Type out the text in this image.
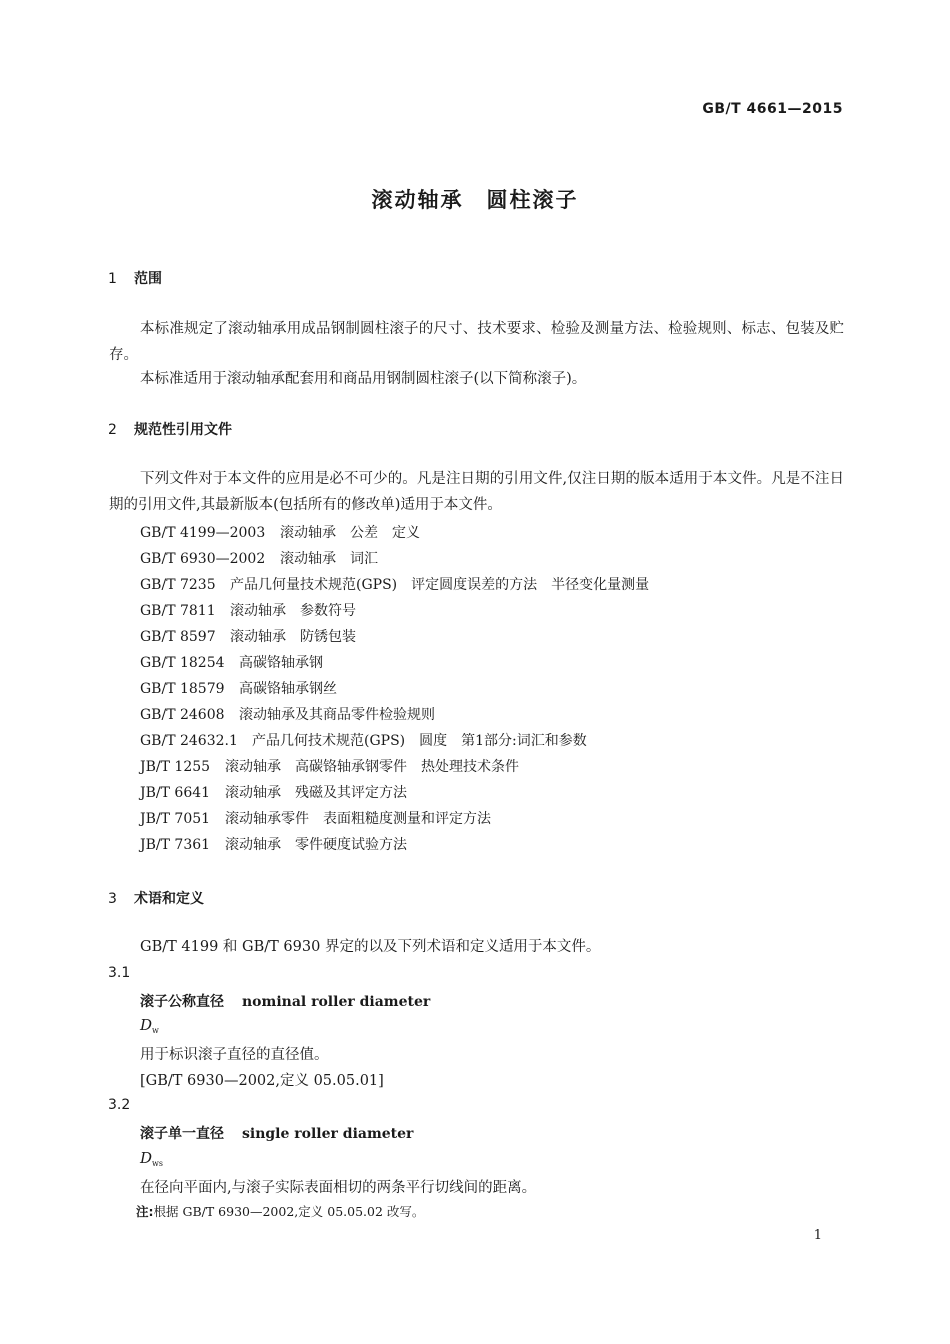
GB/T 4661—2015
滚动轴承　圆柱滚子
1 范围
本标准规定了滚动轴承用成品钢制圆柱滚子的尺寸、技术要求、检验及测量方法、检验规则、标志、包装及贮存。
本标准适用于滚动轴承配套用和商品用钢制圆柱滚子(以下简称滚子)。
2 规范性引用文件
下列文件对于本文件的应用是必不可少的。凡是注日期的引用文件,仅注日期的版本适用于本文件。凡是不注日期的引用文件,其最新版本(包括所有的修改单)适用于本文件。
GB/T 4199—2003　 滚动轴承　公差　定义
GB/T 6930—2002　 滚动轴承　词汇
GB/T 7235　 产品几何量技术规范(GPS)　评定圆度误差的方法　半径变化量测量
GB/T 7811　 滚动轴承　参数符号
GB/T 8597　 滚动轴承　防锈包装
GB/T 18254　 高碳铬轴承钢
GB/T 18579　 高碳铬轴承钢丝
GB/T 24608　 滚动轴承及其商品零件检验规则
GB/T 24632.1　 产品几何技术规范(GPS)　圆度　第1部分:词汇和参数
JB/T 1255　 滚动轴承　高碳铬轴承钢零件　热处理技术条件
JB/T 6641　 滚动轴承　残磁及其评定方法
JB/T 7051　 滚动轴承零件　表面粗糙度测量和评定方法
JB/T 7361　 滚动轴承　零件硬度试验方法
3 术语和定义
GB/T 4199 和 GB/T 6930 界定的以及下列术语和定义适用于本文件。
3.1
滚子公称直径 nominal roller diameter
$D_w$
用于标识滚子直径的直径值。
[GB/T 6930—2002,定义 05.05.01]
3.2
滚子单一直径 single roller diameter
$D_{ws}$
在径向平面内,与滚子实际表面相切的两条平行切线间的距离。
注:根据 GB/T 6930—2002,定义 05.05.02 改写。
1
